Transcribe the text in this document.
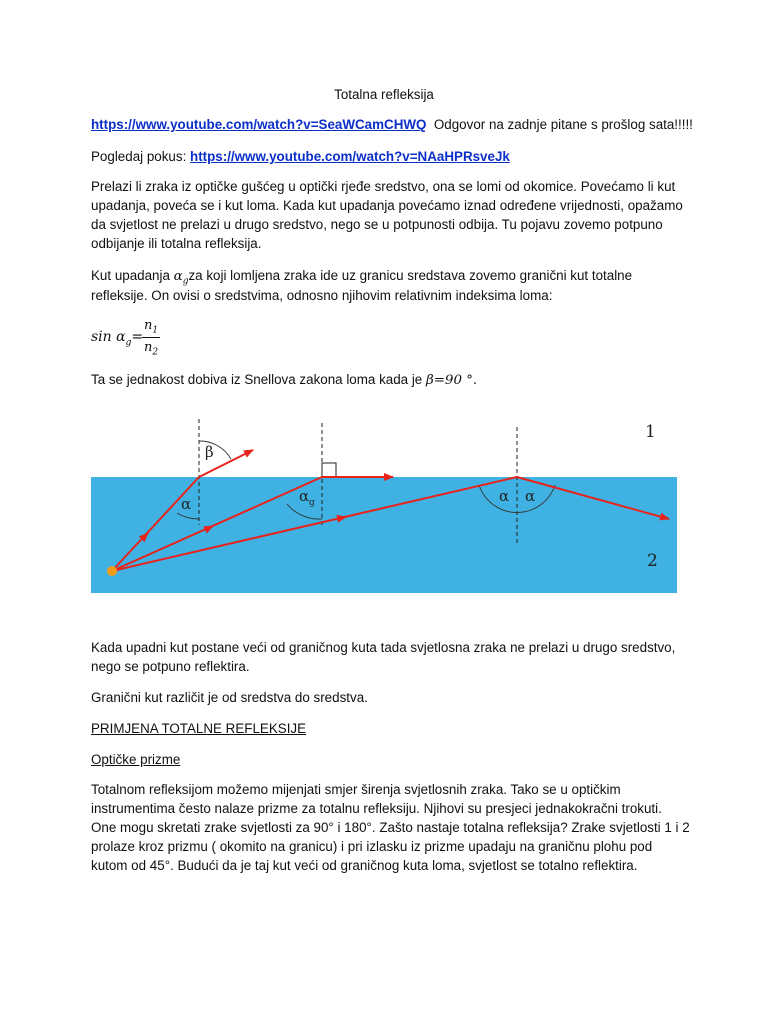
Totalna refleksija
https://www.youtube.com/watch?v=SeaWCamCHWQ  Odgovor na zadnje pitane s prošlog sata!!!!!
Pogledaj pokus: https://www.youtube.com/watch?v=NAaHPRsveJk
Prelazi li zraka iz optičke gušćeg u optički rjeđe sredstvo, ona se lomi od okomice. Povećamo li kut
upadanja, poveća se i kut loma. Kada kut upadanja povećamo iznad određene vrijednosti, opažamo
da svjetlost ne prelazi u drugo sredstvo, nego se u potpunosti odbija. Tu pojavu zovemo potpuno
odbijanje ili totalna refleksija.
Kut upadanja $\alpha_gza$ koji lomljena zraka ide uz granicu sredstava zovemo granični kut totalne
refleksije. On ovisi o sredstvima, odnosno njihovim relativnim indeksima loma:
$\sin \alpha_g=$
$n_1$
$n_2$
Ta se jednakost dobiva iz Snellova zakona loma kada je β=90 °.
β
α	α g	α α
1
2
Kada upadni kut postane veći od graničnog kuta tada svjetlosna zraka ne prelazi u drugo sredstvo,
nego se potpuno reflektira.
Granični kut različit je od sredstva do sredstva.
PRIMJENA TOTALNE REFLEKSIJE
Optičke prizme
Totalnom refleksijom možemo mijenjati smjer širenja svjetlosnih zraka. Tako se u optičkim
instrumentima često nalaze prizme za totalnu refleksiju. Njihovi su presjeci jednakokračni trokuti.
One mogu skretati zrake svjetlosti za 90° i 180°. Zašto nastaje totalna refleksija? Zrake svjetlosti 1 i 2
prolaze kroz prizmu ( okomito na granicu) i pri izlasku iz prizme upadaju na graničnu plohu pod
kutom od 45°. Budući da je taj kut veći od graničnog kuta loma, svjetlost se totalno reflektira.
